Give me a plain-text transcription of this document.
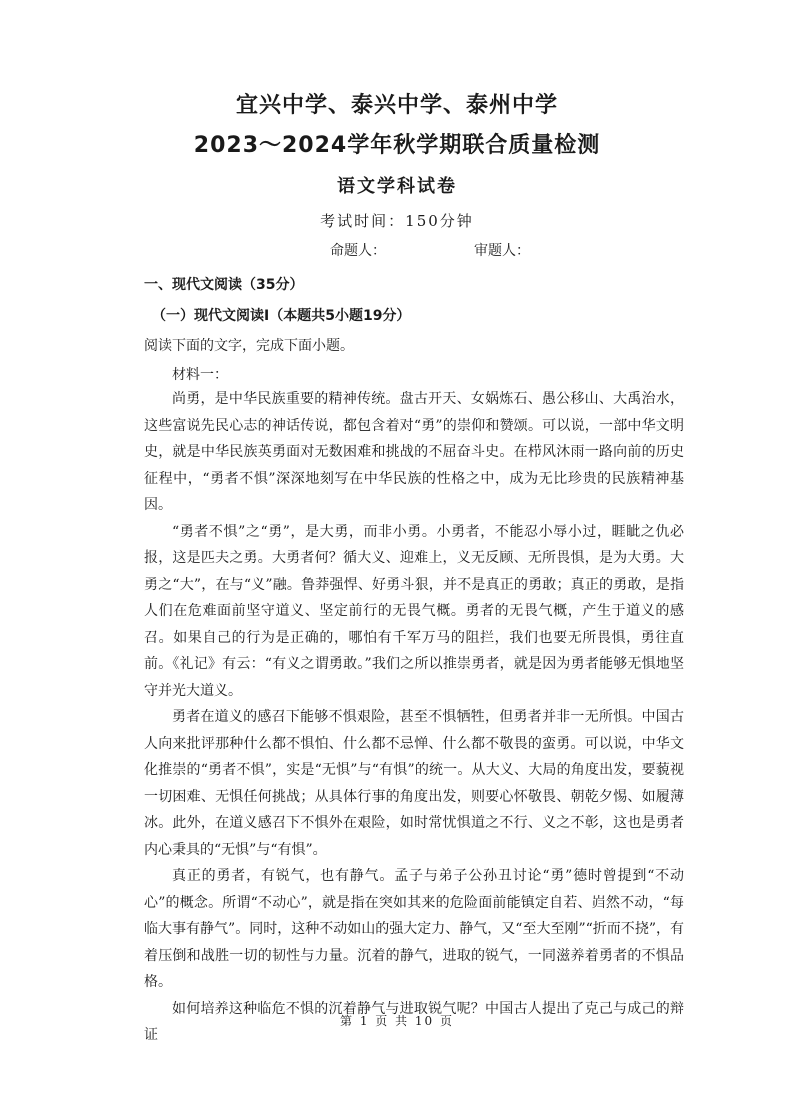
宜兴中学、泰兴中学、泰州中学
2023～2024学年秋学期联合质量检测
语文学科试卷
考试时间：150分钟
命题人：	审题人：
一、现代文阅读（35分）
（一）现代文阅读Ⅰ（本题共5小题19分）
阅读下面的文字，完成下面小题。
材料一：

尚勇，是中华民族重要的精神传统。盘古开天、女娲炼石、愚公移山、大禹治水，这些富说先民心志的神话传说，都包含着对“勇”的崇仰和赞颂。可以说，一部中华文明史，就是中华民族英勇面对无数困难和挑战的不屈奋斗史。在栉风沐雨一路向前的历史征程中，“勇者不惧”深深地刻写在中华民族的性格之中，成为无比珍贵的民族精神基因。

“勇者不惧”之“勇”，是大勇，而非小勇。小勇者，不能忍小辱小过，睚眦之仇必报，这是匹夫之勇。大勇者何？循大义、迎难上，义无反顾、无所畏惧，是为大勇。大勇之“大”，在与“义”融。鲁莽强悍、好勇斗狠，并不是真正的勇敢；真正的勇敢，是指人们在危难面前坚守道义、坚定前行的无畏气概。勇者的无畏气概，产生于道义的感召。如果自己的行为是正确的，哪怕有千军万马的阻拦，我们也要无所畏惧，勇往直前。《礼记》有云：“有义之谓勇敢。”我们之所以推崇勇者，就是因为勇者能够无惧地坚守并光大道义。

勇者在道义的感召下能够不惧艰险，甚至不惧牺牲，但勇者并非一无所惧。中国古人向来批评那种什么都不惧怕、什么都不忌惮、什么都不敬畏的蛮勇。可以说，中华文化推崇的“勇者不惧”，实是“无惧”与“有惧”的统一。从大义、大局的角度出发，要藐视一切困难、无惧任何挑战；从具体行事的角度出发，则要心怀敬畏、朝乾夕惕、如履薄冰。此外，在道义感召下不惧外在艰险，如时常忧惧道之不行、义之不彰，这也是勇者内心秉具的“无惧”与“有惧”。

真正的勇者，有锐气，也有静气。孟子与弟子公孙丑讨论“勇”德时曾提到“不动心”的概念。所谓“不动心”，就是指在突如其来的危险面前能镇定自若、岿然不动，“每临大事有静气”。同时，这种不动如山的强大定力、静气，又“至大至刚”“折而不挠”，有着压倒和战胜一切的韧性与力量。沉着的静气，进取的锐气，一同滋养着勇者的不惧品格。

如何培养这种临危不惧的沉着静气与进取锐气呢？中国古人提出了克己与成己的辩证

第 1 页 共 10 页
